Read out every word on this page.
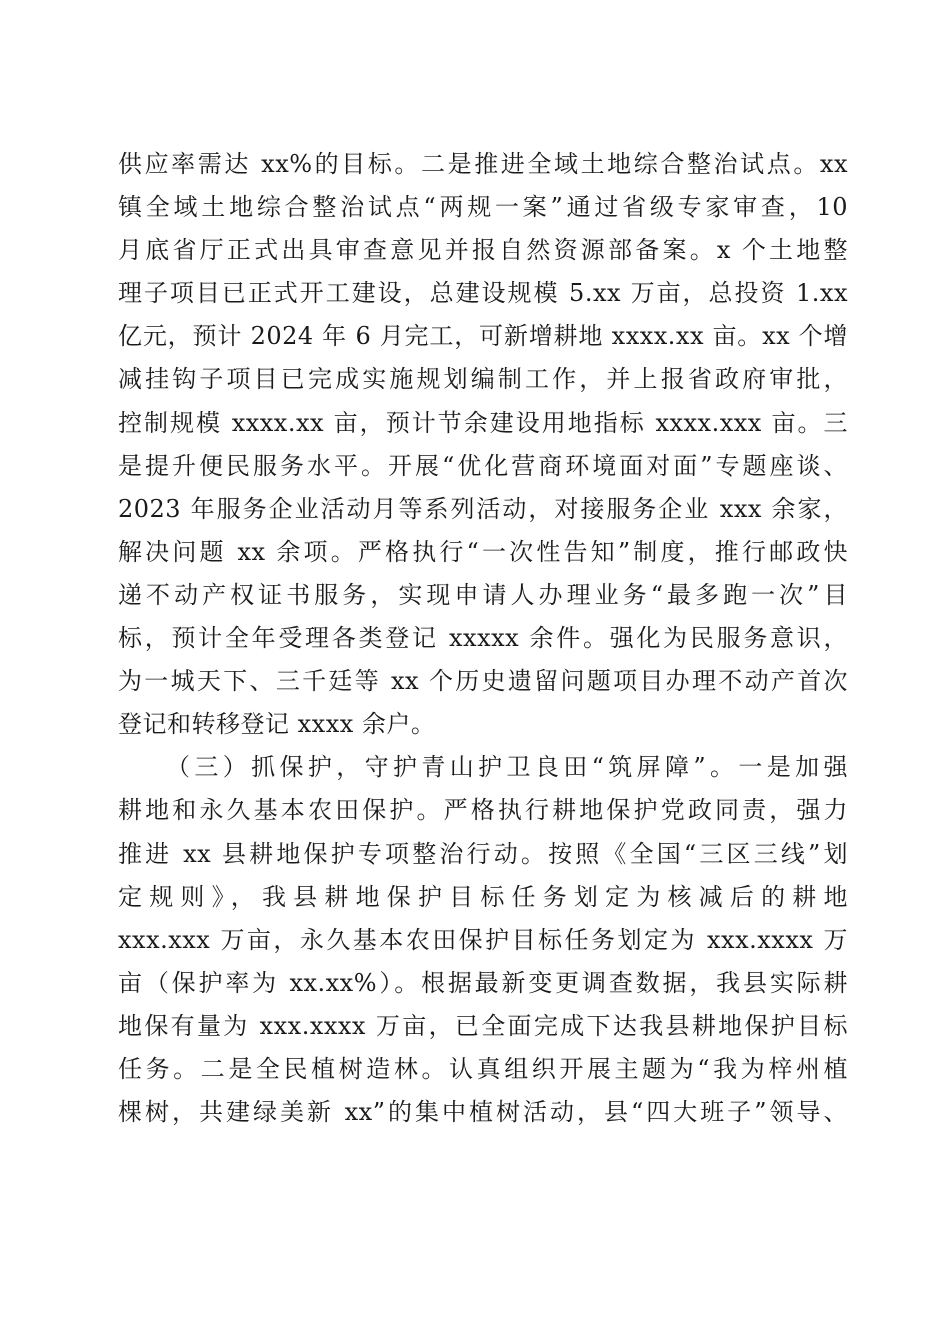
供应率需达 xx%的目标。二是推进全域土地综合整治试点。xx
镇全域土地综合整治试点“两规一案”通过省级专家审查，10
月底省厅正式出具审查意见并报自然资源部备案。x 个土地整
理子项目已正式开工建设，总建设规模 5.xx 万亩，总投资 1.xx
亿元，预计 2024 年 6 月完工，可新增耕地 xxxx.xx 亩。xx 个增
减挂钩子项目已完成实施规划编制工作，并上报省政府审批，
控制规模 xxxx.xx 亩，预计节余建设用地指标 xxxx.xxx 亩。三
是提升便民服务水平。开展“优化营商环境面对面”专题座谈、
2023 年服务企业活动月等系列活动，对接服务企业 xxx 余家，
解决问题 xx 余项。严格执行“一次性告知”制度，推行邮政快
递不动产权证书服务，实现申请人办理业务“最多跑一次”目
标，预计全年受理各类登记 xxxxx 余件。强化为民服务意识，
为一城天下、三千廷等 xx 个历史遗留问题项目办理不动产首次
登记和转移登记 xxxx 余户。
（三）抓保护，守护青山护卫良田“筑屏障”。一是加强
耕地和永久基本农田保护。严格执行耕地保护党政同责，强力
推进 xx 县耕地保护专项整治行动。按照《全国“三区三线”划
定规则》，我县耕地保护目标任务划定为核减后的耕地
xxx.xxx 万亩，永久基本农田保护目标任务划定为 xxx.xxxx 万
亩（保护率为 xx.xx%）。根据最新变更调查数据，我县实际耕
地保有量为 xxx.xxxx 万亩，已全面完成下达我县耕地保护目标
任务。二是全民植树造林。认真组织开展主题为“我为梓州植
棵树，共建绿美新 xx”的集中植树活动，县“四大班子”领导、
